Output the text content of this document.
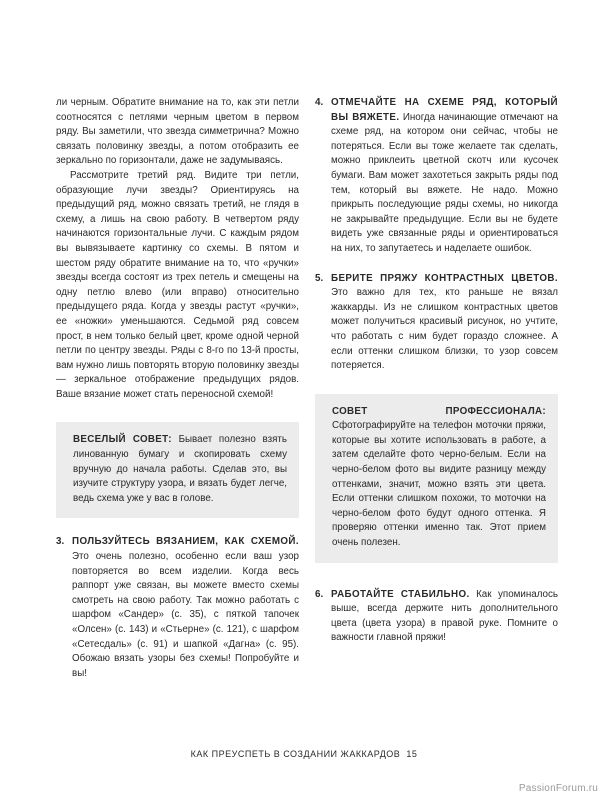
ли черным. Обратите внимание на то, как эти петли соотносятся с петлями черным цветом в первом ряду. Вы заметили, что звезда симметрична? Можно связать половинку звезды, а потом отобразить ее зеркально по горизонтали, даже не задумываясь.

Рассмотрите третий ряд. Видите три петли, образующие лучи звезды? Ориентируясь на предыдущий ряд, можно связать третий, не глядя в схему, а лишь на свою работу. В четвертом ряду начинаются горизонтальные лучи. С каждым рядом вы вывязываете картинку со схемы. В пятом и шестом ряду обратите внимание на то, что «ручки» звезды всегда состоят из трех петель и смещены на одну петлю влево (или вправо) относительно предыдущего ряда. Когда у звезды растут «ручки», ее «ножки» уменьшаются. Седьмой ряд совсем прост, в нем только белый цвет, кроме одной черной петли по центру звезды. Ряды с 8-го по 13-й просты, вам нужно лишь повторять вторую половинку звезды — зеркальное отображение предыдущих рядов. Ваше вязание может стать переносной схемой!

ВЕСЕЛЫЙ СОВЕТ: Бывает полезно взять линованную бумагу и скопировать схему вручную до начала работы. Сделав это, вы изучите структуру узора, и вязать будет легче, ведь схема уже у вас в голове.
3. ПОЛЬЗУЙТЕСЬ ВЯЗАНИЕМ, КАК СХЕМОЙ. Это очень полезно, особенно если ваш узор повторяется во всем изделии. Когда весь раппорт уже связан, вы можете вместо схемы смотреть на свою работу. Так можно работать с шарфом «Сандер» (с. 35), с пяткой тапочек «Олсен» (с. 143) и «Стьерне» (с. 121), с шарфом «Сетесдаль» (с. 91) и шапкой «Дагна» (с. 95). Обожаю вязать узоры без схемы! Попробуйте и вы!
4. ОТМЕЧАЙТЕ НА СХЕМЕ РЯД, КОТОРЫЙ ВЫ ВЯЖЕТЕ. Иногда начинающие отмечают на схеме ряд, на котором они сейчас, чтобы не потеряться. Если вы тоже желаете так сделать, можно приклеить цветной скотч или кусочек бумаги. Вам может захотеться закрыть ряды под тем, который вы вяжете. Не надо. Можно прикрыть последующие ряды схемы, но никогда не закрывайте предыдущие. Если вы не будете видеть уже связанные ряды и ориентироваться на них, то запутаетесь и наделаете ошибок.
5. БЕРИТЕ ПРЯЖУ КОНТРАСТНЫХ ЦВЕТОВ. Это важно для тех, кто раньше не вязал жаккарды. Из не слишком контрастных цветов может получиться красивый рисунок, но учтите, что работать с ним будет гораздо сложнее. А если оттенки слишком близки, то узор совсем потеряется.
СОВЕТ ПРОФЕССИОНАЛА: Сфотографируйте на телефон моточки пряжи, которые вы хотите использовать в работе, а затем сделайте фото черно-белым. Если на черно-белом фото вы видите разницу между оттенками, значит, можно взять эти цвета. Если оттенки слишком похожи, то моточки на черно-белом фото будут одного оттенка. Я проверяю оттенки именно так. Этот прием очень полезен.
6. РАБОТАЙТЕ СТАБИЛЬНО. Как упоминалось выше, всегда держите нить дополнительного цвета (цвета узора) в правой руке. Помните о важности главной пряжи!
КАК ПРЕУСПЕТЬ В СОЗДАНИИ ЖАККАРДОВ 15
PassionForum.ru
